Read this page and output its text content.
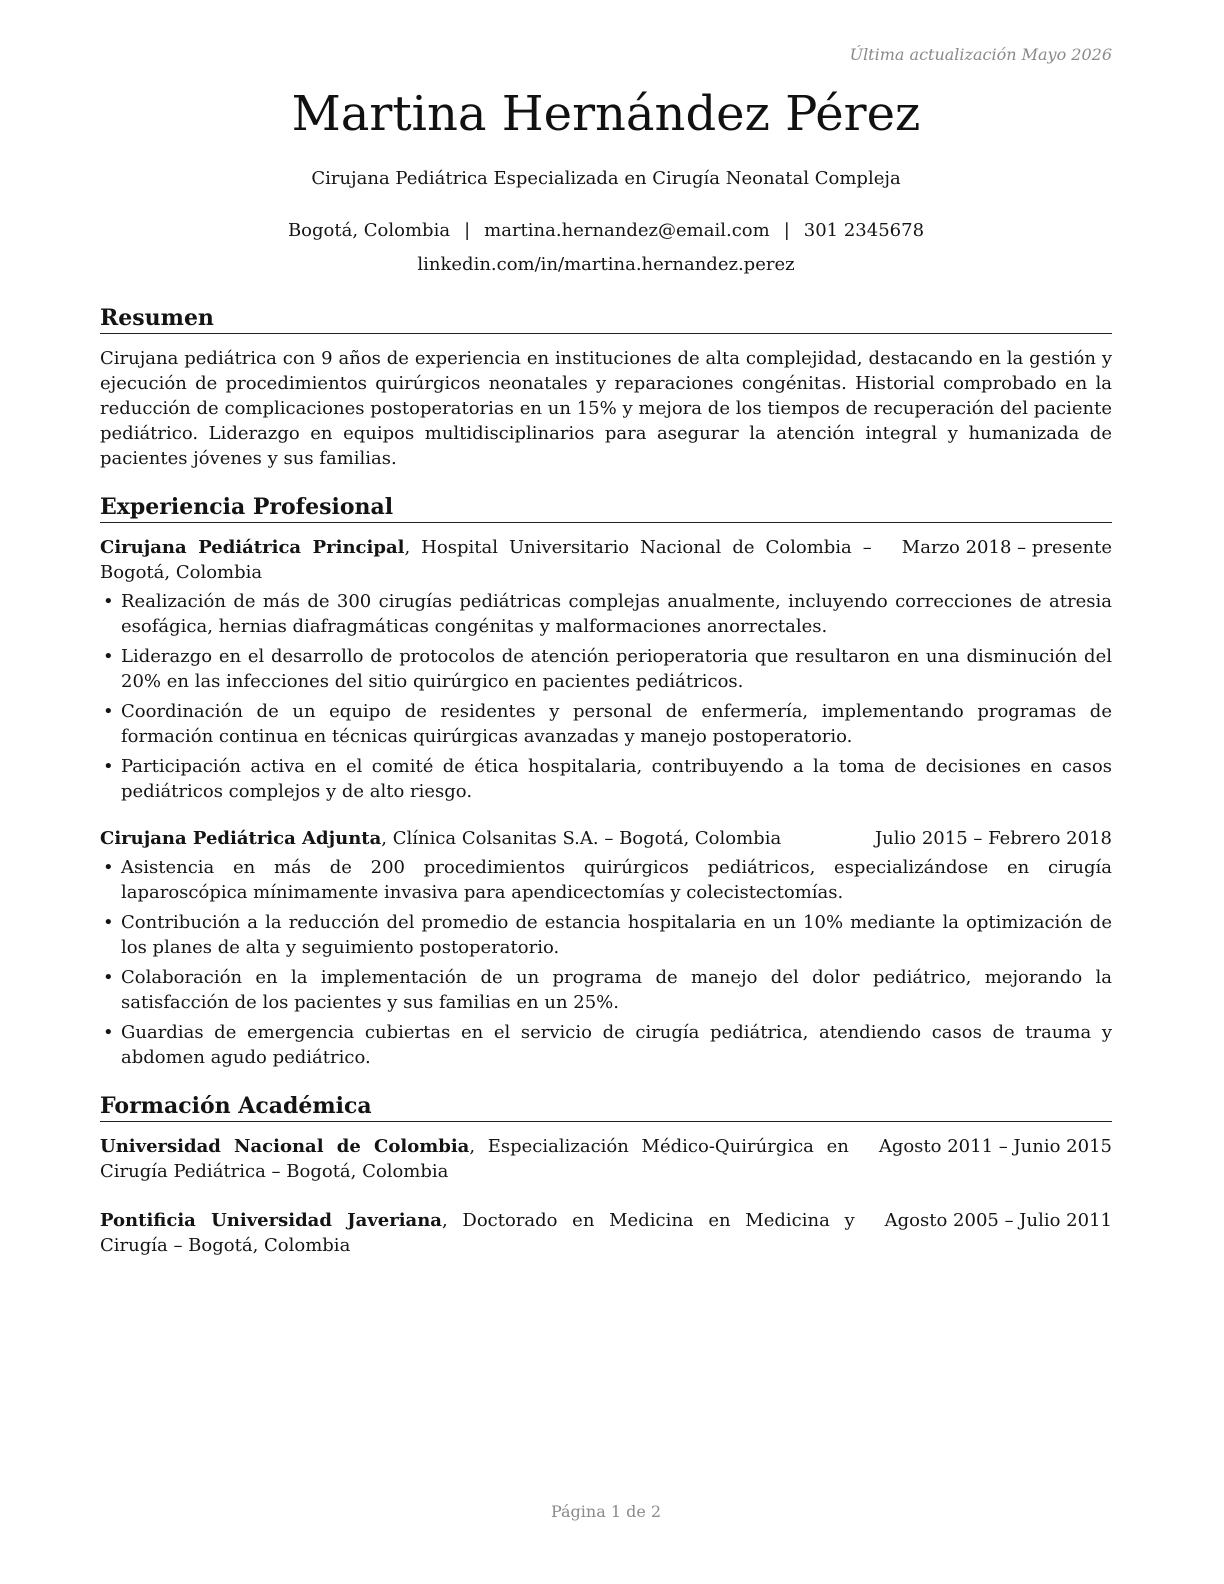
Última actualización Mayo 2026
Martina Hernández Pérez
Cirujana Pediátrica Especializada en Cirugía Neonatal Compleja
Bogotá, Colombia | martina.hernandez@email.com | 301 2345678
linkedin.com/in/martina.hernandez.perez
Resumen

Cirujana pediátrica con 9 años de experiencia en instituciones de alta complejidad, destacando en la gestión y ejecución de procedimientos quirúrgicos neonatales y reparaciones congénitas. Historial comprobado en la reducción de complicaciones postoperatorias en un 15% y mejora de los tiempos de recuperación del paciente pediátrico. Liderazgo en equipos multidisciplinarios para asegurar la atención integral y humanizada de pacientes jóvenes y sus familias.

Experiencia Profesional
Cirujana Pediátrica Principal, Hospital Universitario Nacional de Colombia – Bogotá, Colombia
Marzo 2018 – presente
• Realización de más de 300 cirugías pediátricas complejas anualmente, incluyendo correcciones de atresia esofágica, hernias diafragmáticas congénitas y malformaciones anorrectales.
• Liderazgo en el desarrollo de protocolos de atención perioperatoria que resultaron en una disminución del 20% en las infecciones del sitio quirúrgico en pacientes pediátricos.
• Coordinación de un equipo de residentes y personal de enfermería, implementando programas de formación continua en técnicas quirúrgicas avanzadas y manejo postoperatorio.
• Participación activa en el comité de ética hospitalaria, contribuyendo a la toma de decisiones en casos pediátricos complejos y de alto riesgo.
Cirujana Pediátrica Adjunta, Clínica Colsanitas S.A. – Bogotá, Colombia	Julio 2015 – Febrero 2018
• Asistencia en más de 200 procedimientos quirúrgicos pediátricos, especializándose en cirugía laparoscópica mínimamente invasiva para apendicectomías y colecistectomías.
• Contribución a la reducción del promedio de estancia hospitalaria en un 10% mediante la optimización de los planes de alta y seguimiento postoperatorio.
• Colaboración en la implementación de un programa de manejo del dolor pediátrico, mejorando la satisfacción de los pacientes y sus familias en un 25%.
• Guardias de emergencia cubiertas en el servicio de cirugía pediátrica, atendiendo casos de trauma y abdomen agudo pediátrico.
Formación Académica
Universidad Nacional de Colombia, Especialización Médico-Quirúrgica en Cirugía Pediátrica – Bogotá, Colombia
Agosto 2011 – Junio 2015
Pontificia Universidad Javeriana, Doctorado en Medicina en Medicina y Cirugía – Bogotá, Colombia
Agosto 2005 – Julio 2011
Página 1 de 2
